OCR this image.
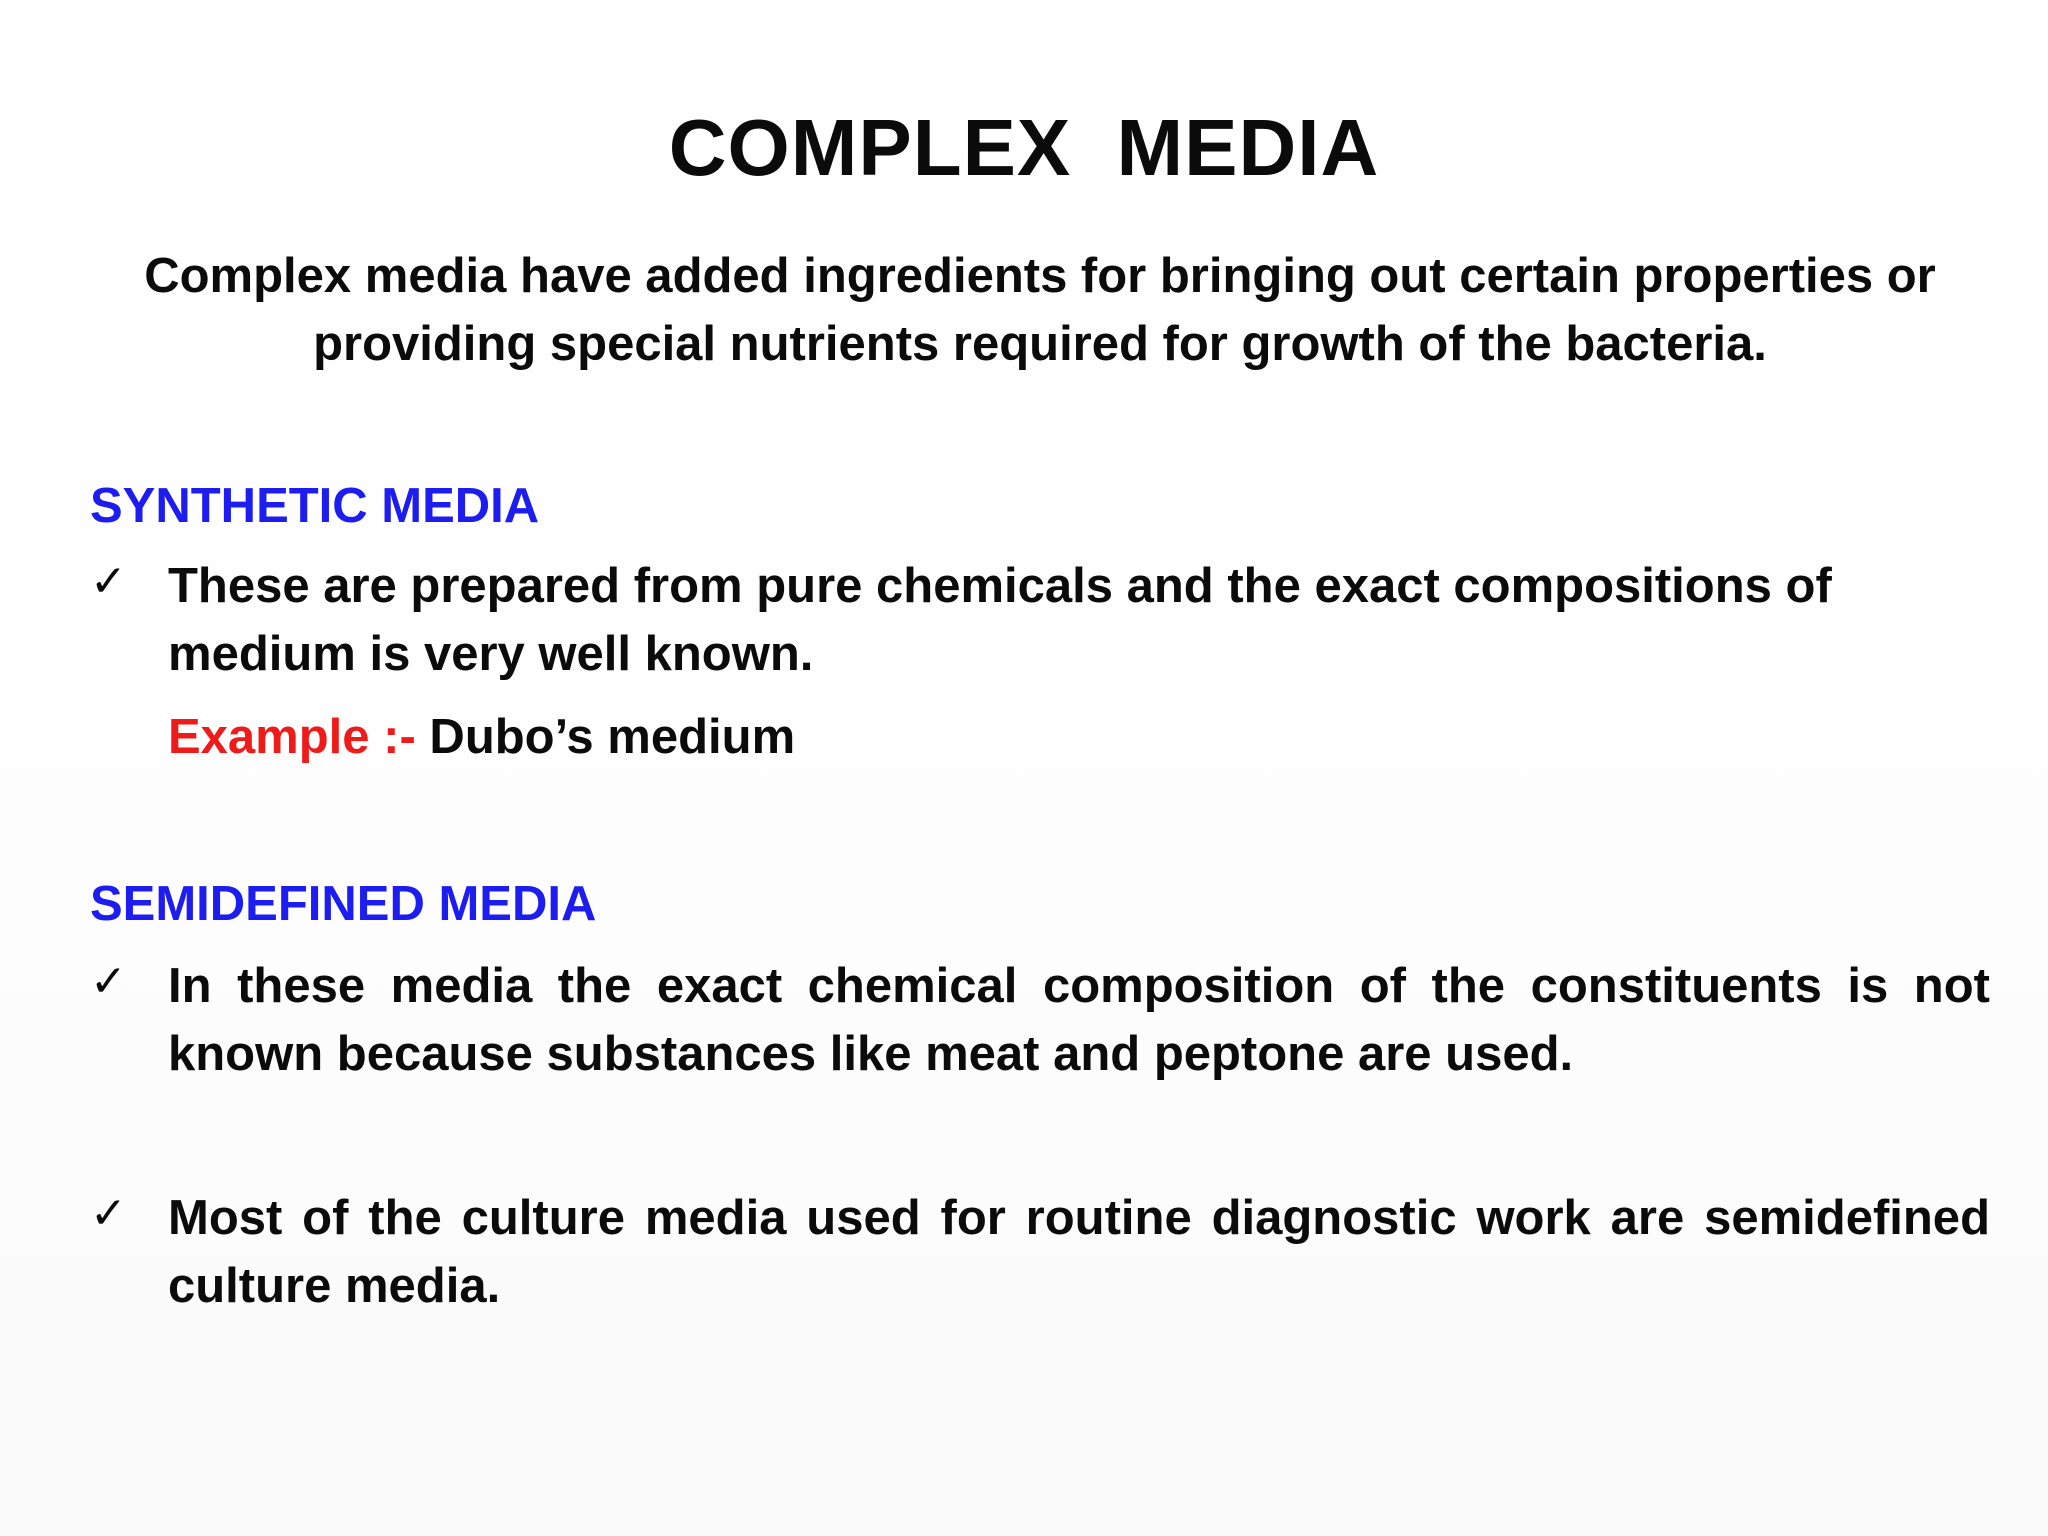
COMPLEX MEDIA
Complex media have added ingredients for bringing out certain properties or providing special nutrients required for growth of the bacteria.
SYNTHETIC MEDIA
✓ These are prepared from pure chemicals and the exact compositions of medium is very well known.
Example :- Dubo’s medium
SEMIDEFINED MEDIA
✓ In these media the exact chemical composition of the constituents is not known because substances like meat and peptone are used.
✓ Most of the culture media used for routine diagnostic work are semidefined culture media.
